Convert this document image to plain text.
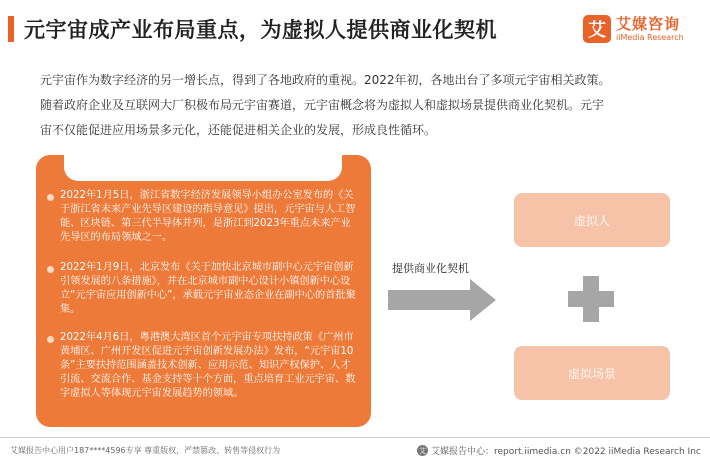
元宇宙成产业布局重点，为虚拟人提供商业化契机	艾 艾媒咨询
iiMedia Research

元宇宙作为数字经济的另一增长点，得到了各地政府的重视。2022年初，各地出台了多项元宇宙相关政策。

随着政府企业及互联网大厂积极布局元宇宙赛道，元宇宙概念将为虚拟人和虚拟场景提供商业化契机。元宇

宙不仅能促进应用场景多元化，还能促进相关企业的发展，形成良性循环。

元宇宙相关政策密集出台
2022年1月5日，浙江省数字经济发展领导小组办公室发布的《关于浙江省未来产业先导区建设的指导意见》提出，元宇宙与人工智能、区块链、第三代半导体并列，是浙江到2023年重点未来产业先导区的布局领域之一。
2022年1月9日，北京发布《关于加快北京城市副中心元宇宙创新引领发展的八条措施》，并在北京城市副中心设计小镇创新中心设立“元宇宙应用创新中心”，承载元宇宙业态企业在副中心的首批聚集。
2022年4月6日，粤港澳大湾区首个元宇宙专项扶持政策《广州市黄埔区、广州开发区促进元宇宙创新发展办法》发布，“元宇宙10条”主要扶持范围涵盖技术创新、应用示范、知识产权保护、人才引流、交流合作、基金支持等十个方面，重点培育工业元宇宙、数字虚拟人等体现元宇宙发展趋势的领域。
提供商业化契机
虚拟人
虚拟场景
艾媒报告中心用户187****4596专享 尊重版权，严禁篡改、转售等侵权行为	艾 艾媒报告中心：report.iimedia.cn ©2022 iiMedia Research Inc
